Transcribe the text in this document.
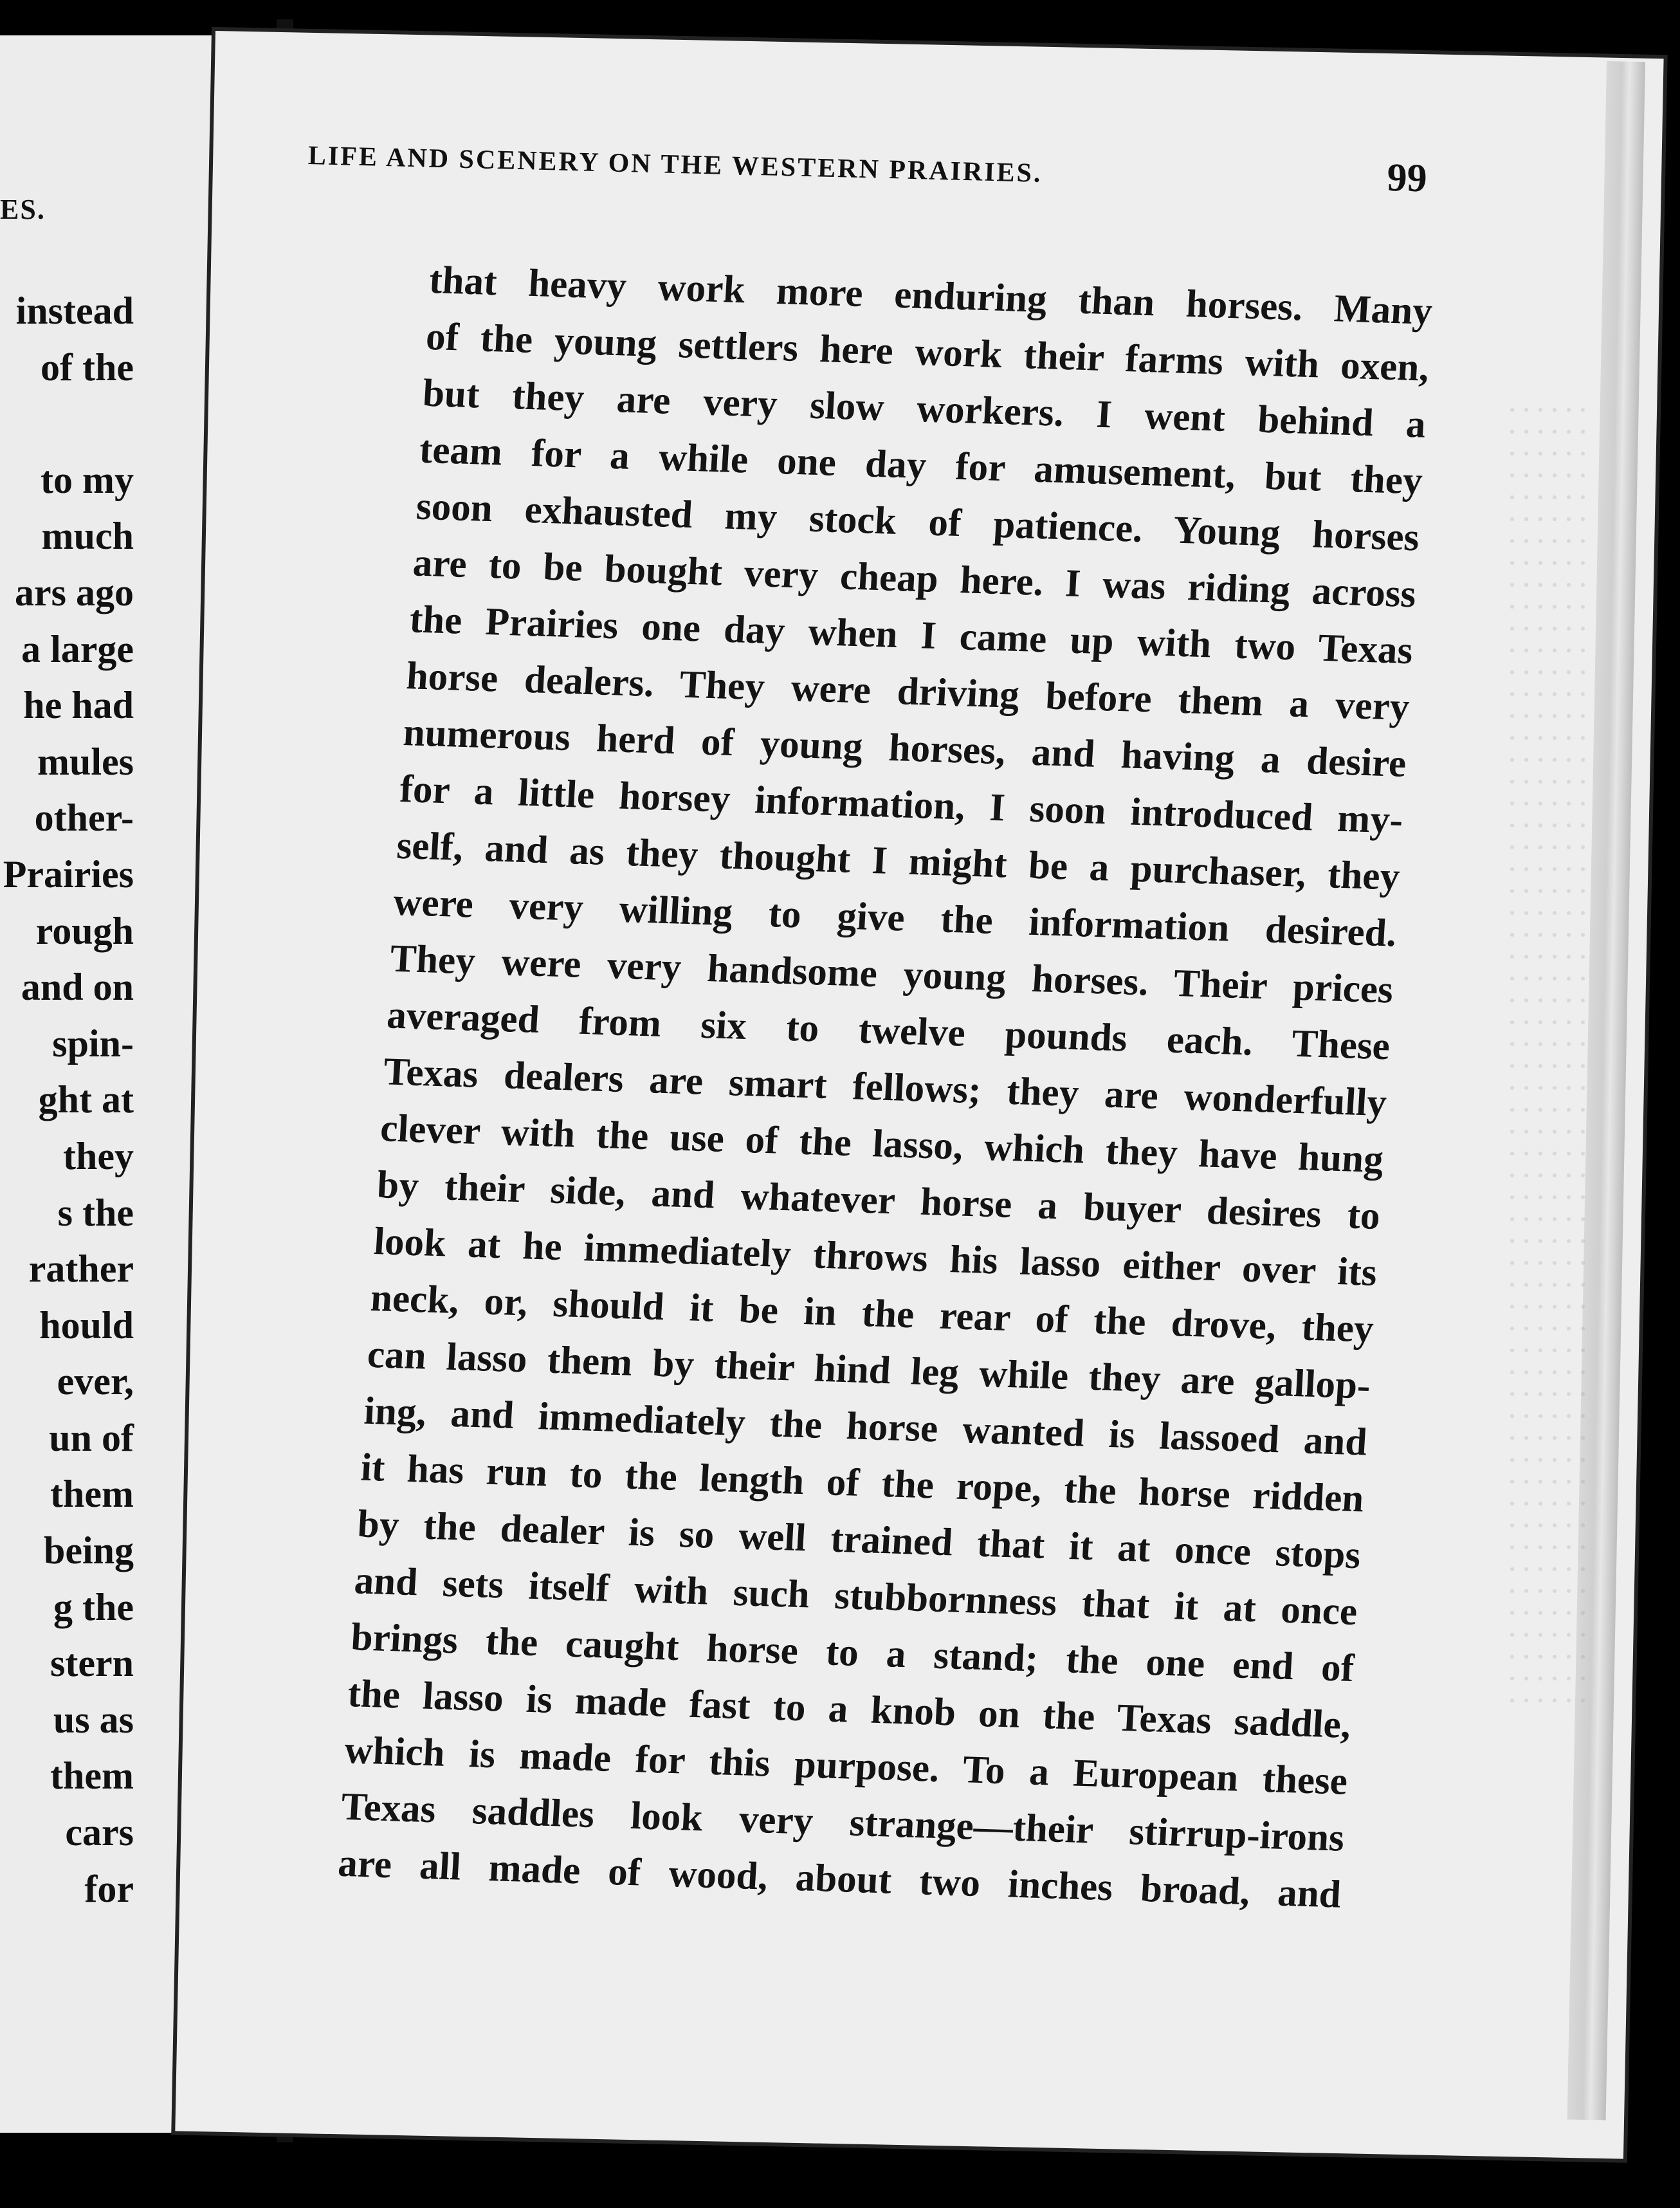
ES.
instead
of the
to my
much
ars ago
a large
he had
mules
other-
Prairies
rough
and on
spin-
ght at
they
s the
rather
hould
ever,
un of
them
being
g the
stern
us as
them
cars
for
LIFE AND SCENERY ON THE WESTERN PRAIRIES.	99
that heavy work more enduring than horses. Many
of the young settlers here work their farms with oxen,
but they are very slow workers. I went behind a
team for a while one day for amusement, but they
soon exhausted my stock of patience. Young horses
are to be bought very cheap here. I was riding across
the Prairies one day when I came up with two Texas
horse dealers. They were driving before them a very
numerous herd of young horses, and having a desire
for a little horsey information, I soon introduced my-
self, and as they thought I might be a purchaser, they
were very willing to give the information desired.
They were very handsome young horses. Their prices
averaged from six to twelve pounds each. These
Texas dealers are smart fellows; they are wonderfully
clever with the use of the lasso, which they have hung
by their side, and whatever horse a buyer desires to
look at he immediately throws his lasso either over its
neck, or, should it be in the rear of the drove, they
can lasso them by their hind leg while they are gallop-
ing, and immediately the horse wanted is lassoed and
it has run to the length of the rope, the horse ridden
by the dealer is so well trained that it at once stops
and sets itself with such stubbornness that it at once
brings the caught horse to a stand; the one end of
the lasso is made fast to a knob on the Texas saddle,
which is made for this purpose. To a European these
Texas saddles look very strange—their stirrup-irons
are all made of wood, about two inches broad, and
